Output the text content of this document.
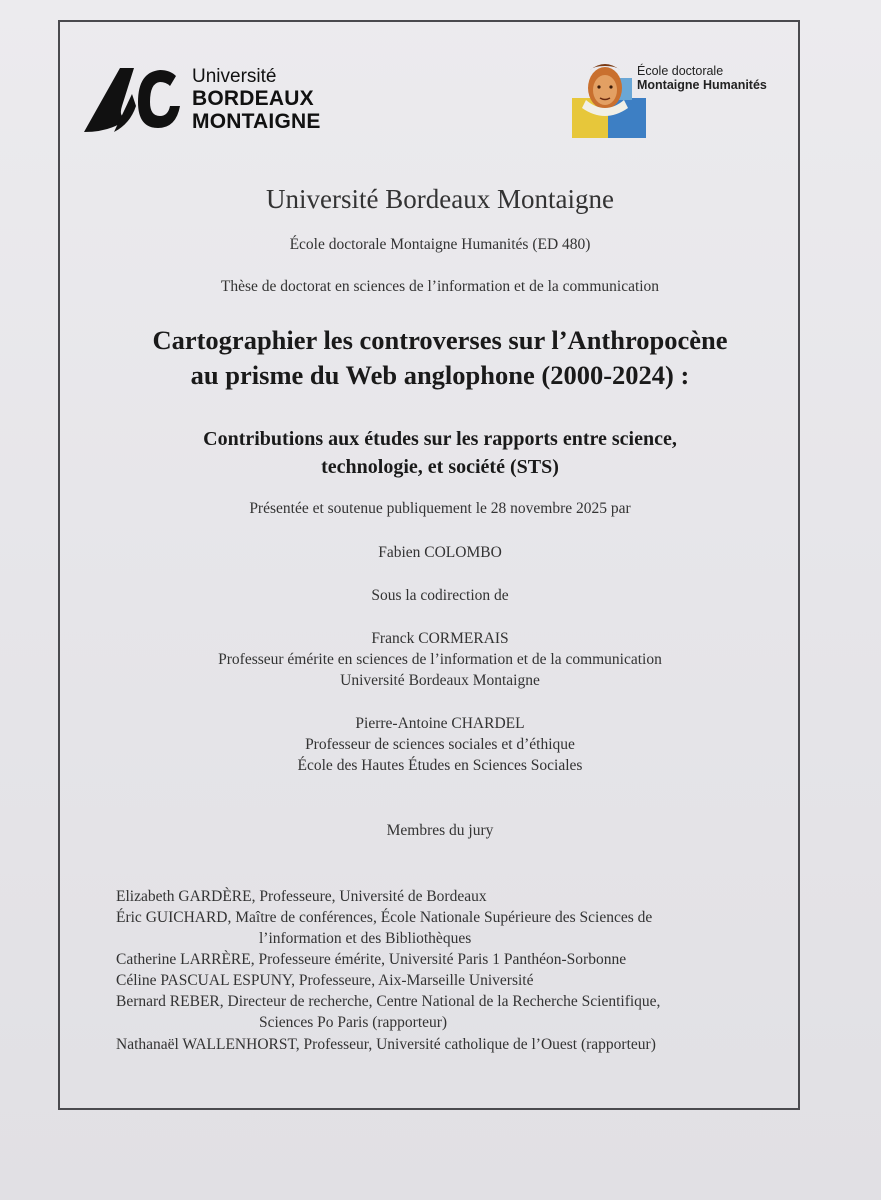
Université
BORDEAUX
MONTAIGNE
École doctorale
Montaigne Humanités
Université Bordeaux Montaigne
École doctorale Montaigne Humanités (ED 480)
Thèse de doctorat en sciences de l’information et de la communication
Cartographier les controverses sur l’Anthropocène
au prisme du Web anglophone (2000-2024) :
Contributions aux études sur les rapports entre science,
technologie, et société (STS)
Présentée et soutenue publiquement le 28 novembre 2025 par
Fabien COLOMBO
Sous la codirection de
Franck CORMERAIS
Professeur émérite en sciences de l’information et de la communication
Université Bordeaux Montaigne
Pierre-Antoine CHARDEL
Professeur de sciences sociales et d’éthique
École des Hautes Études en Sciences Sociales
Membres du jury
Elizabeth GARDÈRE, Professeure, Université de Bordeaux
Éric GUICHARD, Maître de conférences, École Nationale Supérieure des Sciences de
l’information et des Bibliothèques
Catherine LARRÈRE, Professeure émérite, Université Paris 1 Panthéon-Sorbonne
Céline PASCUAL ESPUNY, Professeure, Aix-Marseille Université
Bernard REBER, Directeur de recherche, Centre National de la Recherche Scientifique,
Sciences Po Paris (rapporteur)
Nathanaël WALLENHORST, Professeur, Université catholique de l’Ouest (rapporteur)
